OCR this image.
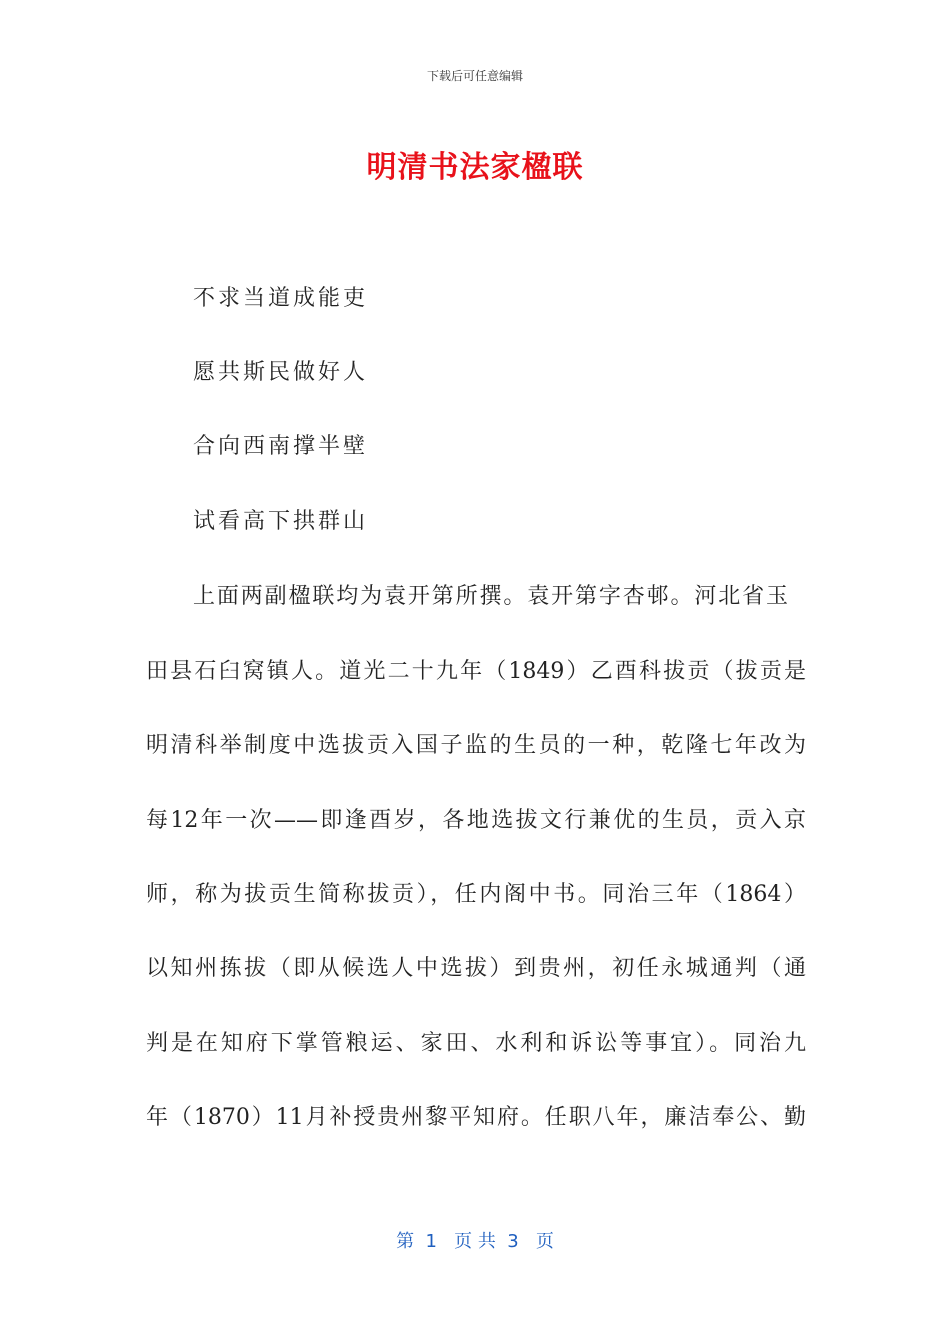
下载后可任意编辑
明清书法家楹联
不求当道成能吏
愿共斯民做好人
合向西南撑半壁
试看高下拱群山
上面两副楹联均为袁开第所撰。袁开第字杏邨。河北省玉
田县石臼窝镇人。道光二十九年（1849）乙酉科拔贡（拔贡是
明清科举制度中选拔贡入国子监的生员的一种，乾隆七年改为
每12年一次——即逢酉岁，各地选拔文行兼优的生员，贡入京
师，称为拔贡生简称拔贡），任内阁中书。同治三年（1864）
以知州拣拔（即从候选人中选拔）到贵州，初任永城通判（通
判是在知府下掌管粮运、家田、水利和诉讼等事宜）。同治九
年（1870）11月补授贵州黎平知府。任职八年，廉洁奉公、勤
第  1   页 共  3   页
